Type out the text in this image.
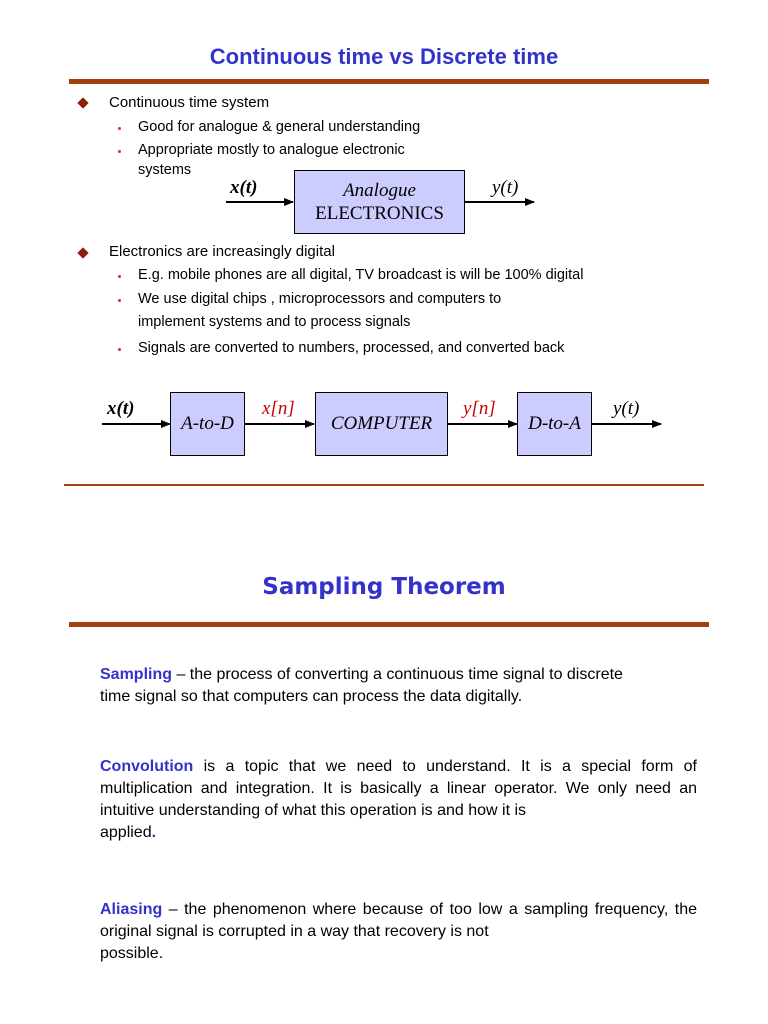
Continuous time vs Discrete time
Continuous time system
Good for analogue & general understanding
Appropriate mostly to analogue electronic
systems
x(t)	Analogue
ELECTRONICS
y(t)
Electronics are increasingly digital
E.g. mobile phones are all digital, TV broadcast is will be 100% digital
We use digital chips , microprocessors and computers to
implement systems and to process signals
Signals are converted to numbers, processed, and converted back
x(t)
A-to-D
x[n]
COMPUTER
y[n]
D-to-A
y(t)
Sampling Theorem
Sampling – the process of converting a continuous time signal to discrete
time signal so that computers can process the data digitally.
Convolution is a topic that we need to understand. It is a special form of multiplication and integration. It is basically a linear operator. We only need an intuitive understanding of what this operation is and how it is
applied.
Aliasing – the phenomenon where because of too low a sampling frequency, the original signal is corrupted in a way that recovery is not
possible.
